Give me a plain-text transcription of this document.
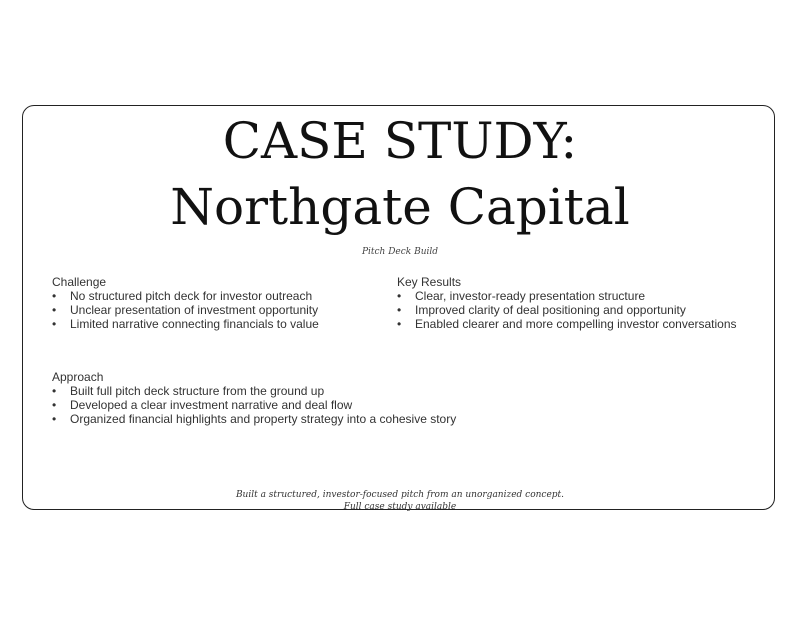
CASE STUDY:
Northgate Capital
Pitch Deck Build
Challenge
• No structured pitch deck for investor outreach
• Unclear presentation of investment opportunity
• Limited narrative connecting financials to value
Key Results
• Clear, investor-ready presentation structure
• Improved clarity of deal positioning and opportunity
• Enabled clearer and more compelling investor conversations
Approach
• Built full pitch deck structure from the ground up
• Developed a clear investment narrative and deal flow
• Organized financial highlights and property strategy into a cohesive story
Built a structured, investor-focused pitch from an unorganized concept.
Full case study available
